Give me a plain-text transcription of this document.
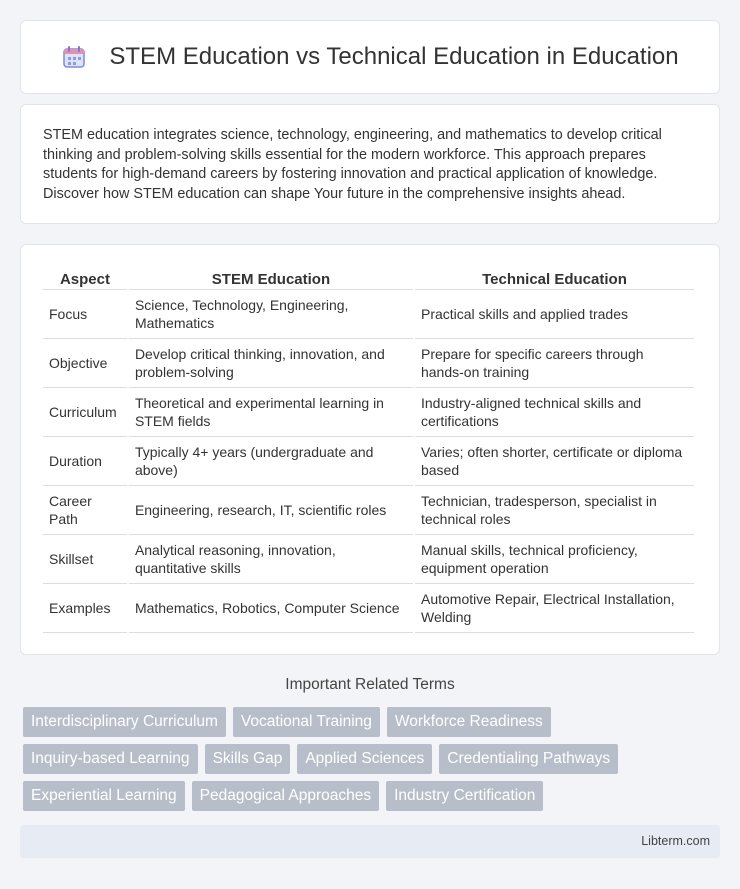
STEM Education vs Technical Education in Education

STEM education integrates science, technology, engineering, and mathematics to develop critical thinking and problem-solving skills essential for the modern workforce. This approach prepares students for high-demand careers by fostering innovation and practical application of knowledge. Discover how STEM education can shape Your future in the comprehensive insights ahead.

Aspect	STEM Education	Technical Education
Focus	Science, Technology, Engineering, Mathematics	Practical skills and applied trades
Objective	Develop critical thinking, innovation, and problem-solving	Prepare for specific careers through hands-on training
Curriculum	Theoretical and experimental learning in STEM fields	Industry-aligned technical skills and certifications
Duration	Typically 4+ years (undergraduate and above)	Varies; often shorter, certificate or diploma based
Career Path	Engineering, research, IT, scientific roles	Technician, tradesperson, specialist in technical roles
Skillset	Analytical reasoning, innovation, quantitative skills	Manual skills, technical proficiency, equipment operation
Examples	Mathematics, Robotics, Computer Science	Automotive Repair, Electrical Installation, Welding
Important Related Terms
Interdisciplinary Curriculum	Vocational Training	Workforce Readiness
Inquiry-based Learning	Skills Gap	Applied Sciences	Credentialing Pathways
Experiential Learning	Pedagogical Approaches	Industry Certification
Libterm.com
